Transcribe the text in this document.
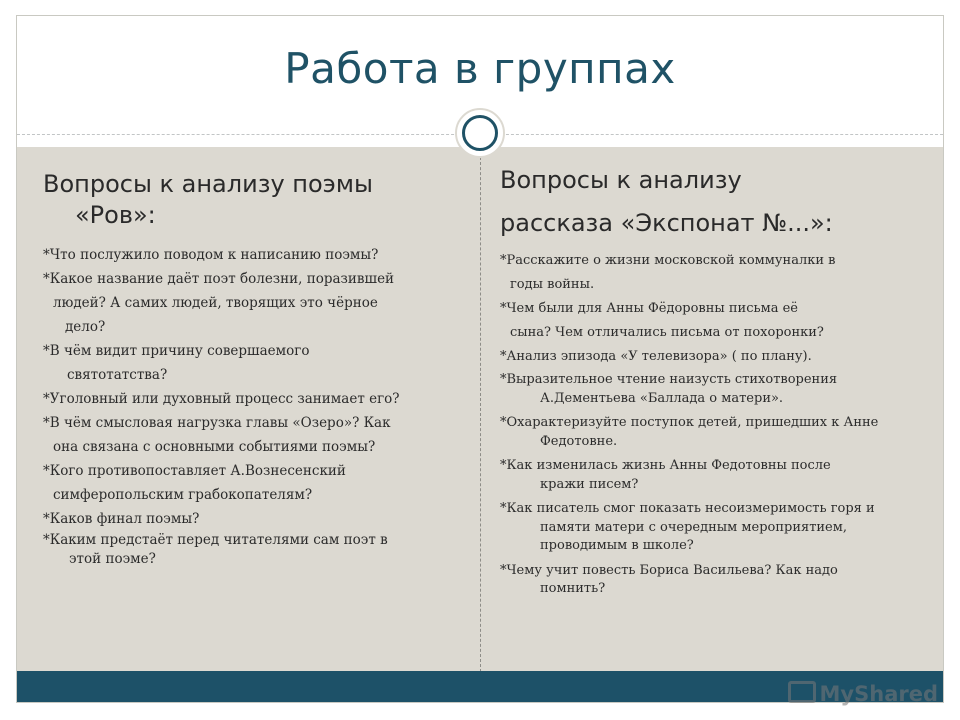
Работа в группах
Вопросы к анализу поэмы
«Ров»:
*Что послужило поводом к написанию поэмы?
*Какое название даёт поэт болезни, поразившей
людей? А самих людей, творящих это чёрное
дело?
*В чём видит причину совершаемого
святотатства?
*Уголовный или духовный процесс занимает его?
*В чём смысловая нагрузка главы «Озеро»? Как
она связана с основными событиями поэмы?
*Кого противопоставляет А.Вознесенский
симферопольским грабокопателям?
*Каков финал поэмы?
*Каким предстаёт перед читателями сам поэт в
этой поэме?
Вопросы к анализу
рассказа «Экспонат №...»:
*Расскажите о жизни московской коммуналки в
годы войны.
*Чем были для Анны Фёдоровны письма её
сына? Чем отличались письма от похоронки?
*Анализ эпизода «У телевизора» ( по плану).
*Выразительное чтение наизусть стихотворения
А.Дементьева «Баллада о матери».
*Охарактеризуйте поступок детей, пришедших к Анне
Федотовне.
*Как изменилась жизнь Анны Федотовны после
кражи писем?
*Как писатель смог показать несоизмеримость горя и
памяти матери с очередным мероприятием,
проводимым в школе?
*Чему учит повесть Бориса Васильева? Как надо
помнить?
MyShared
